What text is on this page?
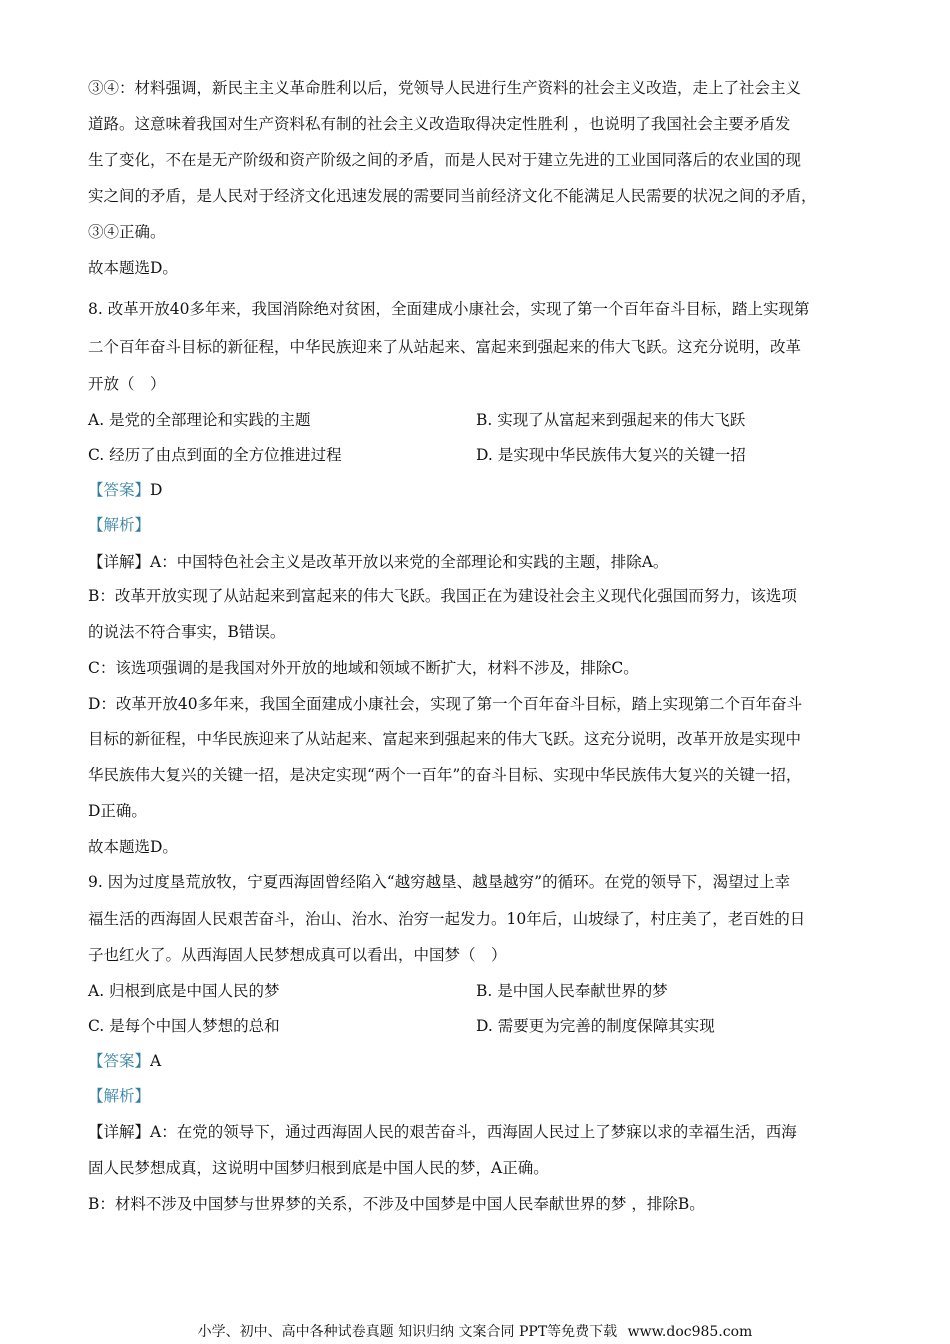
③④：材料强调，新民主主义革命胜利以后，党领导人民进行生产资料的社会主义改造，走上了社会主义

道路。这意味着我国对生产资料私有制的社会主义改造取得决定性胜利 ，也说明了我国社会主要矛盾发

生了变化，不在是无产阶级和资产阶级之间的矛盾，而是人民对于建立先进的工业国同落后的农业国的现

实之间的矛盾，是人民对于经济文化迅速发展的需要同当前经济文化不能满足人民需要的状况之间的矛盾，

③④正确。

故本题选D。

8. 改革开放40多年来，我国消除绝对贫困，全面建成小康社会，实现了第一个百年奋斗目标，踏上实现第

二个百年奋斗目标的新征程，中华民族迎来了从站起来、富起来到强起来的伟大飞跃。这充分说明，改革

开放（　）

A. 是党的全部理论和实践的主题	B. 实现了从富起来到强起来的伟大飞跃
C. 经历了由点到面的全方位推进过程	D. 是实现中华民族伟大复兴的关键一招

【答案】D

【解析】

【详解】A：中国特色社会主义是改革开放以来党的全部理论和实践的主题，排除A。

B：改革开放实现了从站起来到富起来的伟大飞跃。我国正在为建设社会主义现代化强国而努力，该选项

的说法不符合事实，B错误。

C：该选项强调的是我国对外开放的地域和领域不断扩大，材料不涉及，排除C。

D：改革开放40多年来，我国全面建成小康社会，实现了第一个百年奋斗目标，踏上实现第二个百年奋斗

目标的新征程，中华民族迎来了从站起来、富起来到强起来的伟大飞跃。这充分说明，改革开放是实现中

华民族伟大复兴的关键一招，是决定实现“两个一百年”的奋斗目标、实现中华民族伟大复兴的关键一招，

D正确。

故本题选D。

9. 因为过度垦荒放牧，宁夏西海固曾经陷入“越穷越垦、越垦越穷”的循环。在党的领导下，渴望过上幸

福生活的西海固人民艰苦奋斗，治山、治水、治穷一起发力。10年后，山坡绿了，村庄美了，老百姓的日

子也红火了。从西海固人民梦想成真可以看出，中国梦（　）

A. 归根到底是中国人民的梦	B. 是中国人民奉献世界的梦
C. 是每个中国人梦想的总和	D. 需要更为完善的制度保障其实现

【答案】A

【解析】

【详解】A：在党的领导下，通过西海固人民的艰苦奋斗，西海固人民过上了梦寐以求的幸福生活，西海

固人民梦想成真，这说明中国梦归根到底是中国人民的梦，A正确。

B：材料不涉及中国梦与世界梦的关系，不涉及中国梦是中国人民奉献世界的梦 ，排除B。

小学、初中、高中各种试卷真题 知识归纳 文案合同 PPT等免费下载 www.doc985.com
